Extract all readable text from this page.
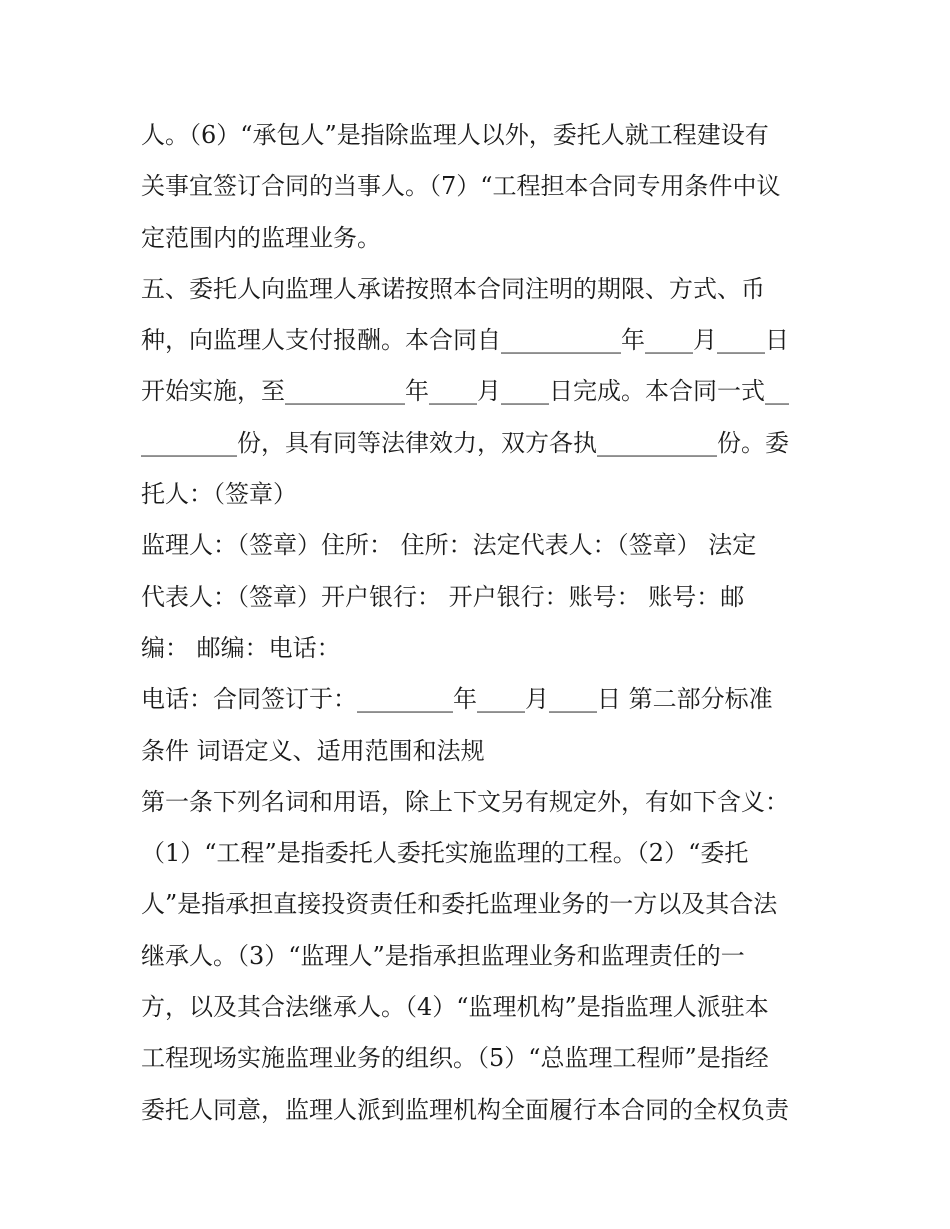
人。（6）“承包人”是指除监理人以外，委托人就工程建设有
关事宜签订合同的当事人。（7）“工程担本合同专用条件中议
定范围内的监理业务。
五、委托人向监理人承诺按照本合同注明的期限、方式、币
种，向监理人支付报酬。本合同自__________年____月____日
开始实施，至__________年____月____日完成。本合同一式__
________份，具有同等法律效力，双方各执__________份。委
托人：（签章）
监理人：（签章）住所： 住所：法定代表人：（签章） 法定
代表人：（签章）开户银行： 开户银行：账号： 账号：邮
编： 邮编：电话：
电话：合同签订于：________年____月____日 第二部分标准
条件 词语定义、适用范围和法规
第一条下列名词和用语，除上下文另有规定外，有如下含义：
（1）“工程”是指委托人委托实施监理的工程。（2）“委托
人”是指承担直接投资责任和委托监理业务的一方以及其合法
继承人。（3）“监理人”是指承担监理业务和监理责任的一
方，以及其合法继承人。（4）“监理机构”是指监理人派驻本
工程现场实施监理业务的组织。（5）“总监理工程师”是指经
委托人同意，监理人派到监理机构全面履行本合同的全权负责
